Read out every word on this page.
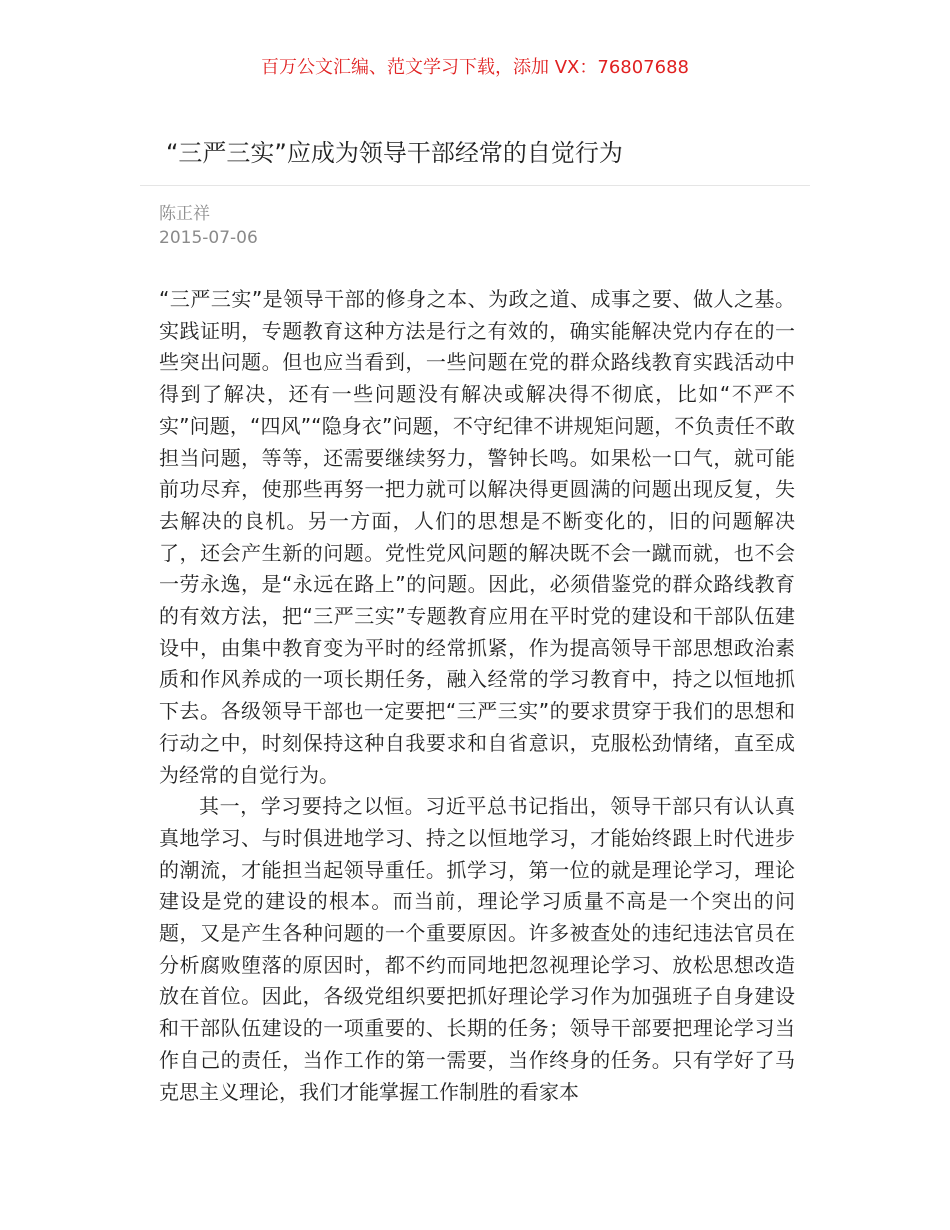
百万公文汇编、范文学习下载，添加 VX：76807688
“三严三实”应成为领导干部经常的自觉行为
陈正祥
2015-07-06

“三严三实”是领导干部的修身之本、为政之道、成事之要、做人之基。实践证明，专题教育这种方法是行之有效的，确实能解决党内存在的一些突出问题。但也应当看到，一些问题在党的群众路线教育实践活动中得到了解决，还有一些问题没有解决或解决得不彻底，比如“不严不实”问题，“四风”“隐身衣”问题，不守纪律不讲规矩问题，不负责任不敢担当问题，等等，还需要继续努力，警钟长鸣。如果松一口气，就可能前功尽弃，使那些再努一把力就可以解决得更圆满的问题出现反复，失去解决的良机。另一方面，人们的思想是不断变化的，旧的问题解决了，还会产生新的问题。党性党风问题的解决既不会一蹴而就，也不会一劳永逸，是“永远在路上”的问题。因此，必须借鉴党的群众路线教育的有效方法，把“三严三实”专题教育应用在平时党的建设和干部队伍建设中，由集中教育变为平时的经常抓紧，作为提高领导干部思想政治素质和作风养成的一项长期任务，融入经常的学习教育中，持之以恒地抓下去。各级领导干部也一定要把“三严三实”的要求贯穿于我们的思想和行动之中，时刻保持这种自我要求和自省意识，克服松劲情绪，直至成为经常的自觉行为。

其一，学习要持之以恒。习近平总书记指出，领导干部只有认认真真地学习、与时俱进地学习、持之以恒地学习，才能始终跟上时代进步的潮流，才能担当起领导重任。抓学习，第一位的就是理论学习，理论建设是党的建设的根本。而当前，理论学习质量不高是一个突出的问题，又是产生各种问题的一个重要原因。许多被查处的违纪违法官员在分析腐败堕落的原因时，都不约而同地把忽视理论学习、放松思想改造放在首位。因此，各级党组织要把抓好理论学习作为加强班子自身建设和干部队伍建设的一项重要的、长期的任务；领导干部要把理论学习当作自己的责任，当作工作的第一需要，当作终身的任务。只有学好了马克思主义理论，我们才能掌握工作制胜的看家本
